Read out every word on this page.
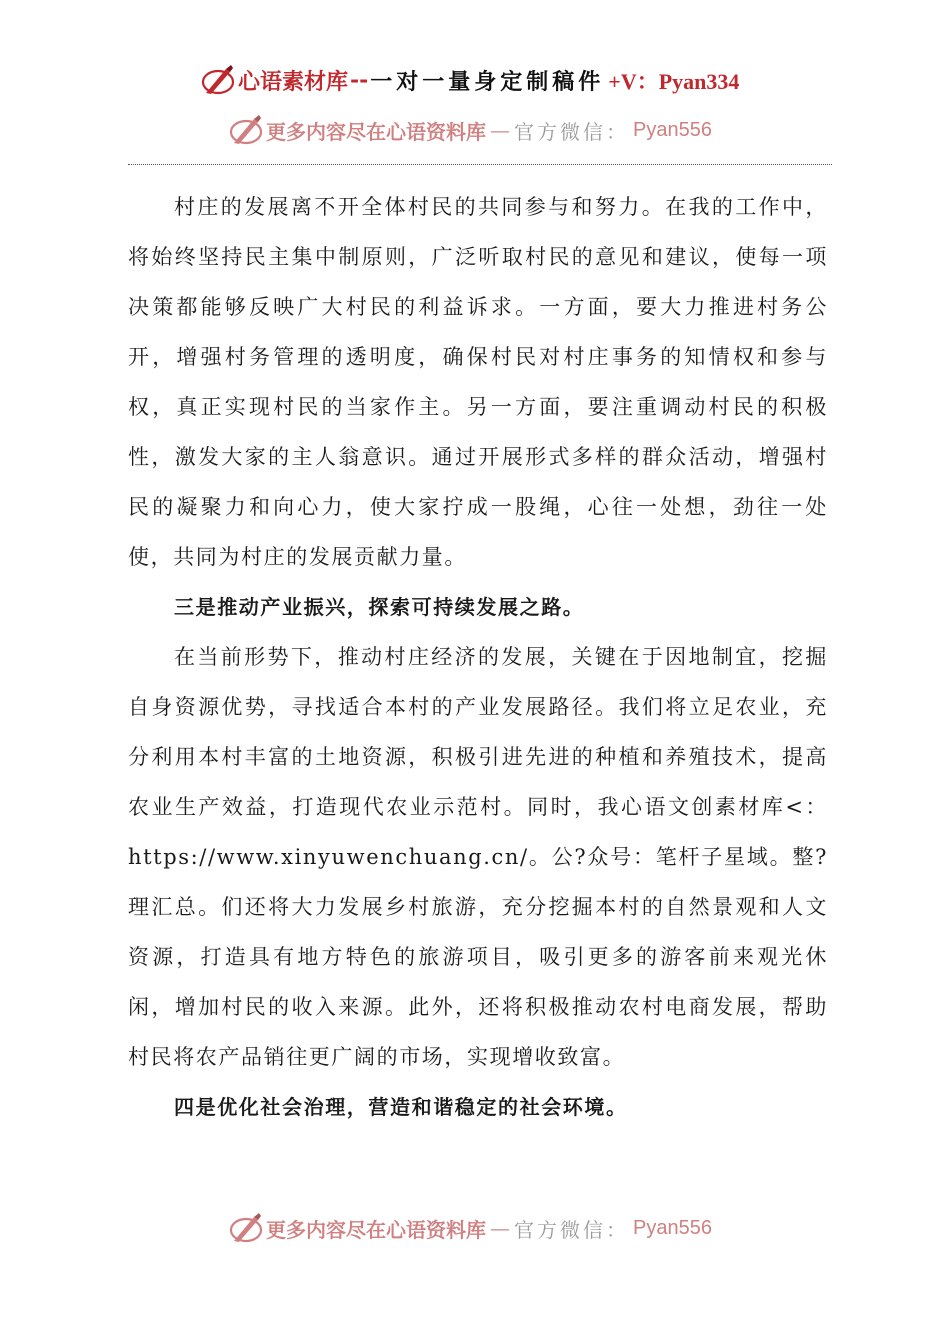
心语素材库 -- 一对一量身定制稿件 +V：Pyan334
更多内容尽在心语资料库 — 官方微信： Pyan556

村庄的发展离不开全体村民的共同参与和努力。在我的工作中，将始终坚持民主集中制原则，广泛听取村民的意见和建议，使每一项决策都能够反映广大村民的利益诉求。一方面，要大力推进村务公开，增强村务管理的透明度，确保村民对村庄事务的知情权和参与权，真正实现村民的当家作主。另一方面，要注重调动村民的积极性，激发大家的主人翁意识。通过开展形式多样的群众活动，增强村民的凝聚力和向心力，使大家拧成一股绳，心往一处想，劲往一处使，共同为村庄的发展贡献力量。

三是推动产业振兴，探索可持续发展之路。

在当前形势下，推动村庄经济的发展，关键在于因地制宜，挖掘自身资源优势，寻找适合本村的产业发展路径。我们将立足农业，充分利用本村丰富的土地资源，积极引进先进的种植和养殖技术，提高农业生产效益，打造现代农业示范村。同时，我心语文创素材库<：https://www.xinyuwenchuang.cn/。公?众号：笔杆子星域。整?理汇总。们还将大力发展乡村旅游，充分挖掘本村的自然景观和人文资源，打造具有地方特色的旅游项目，吸引更多的游客前来观光休闲，增加村民的收入来源。此外，还将积极推动农村电商发展，帮助村民将农产品销往更广阔的市场，实现增收致富。

四是优化社会治理，营造和谐稳定的社会环境。

更多内容尽在心语资料库 — 官方微信： Pyan556
